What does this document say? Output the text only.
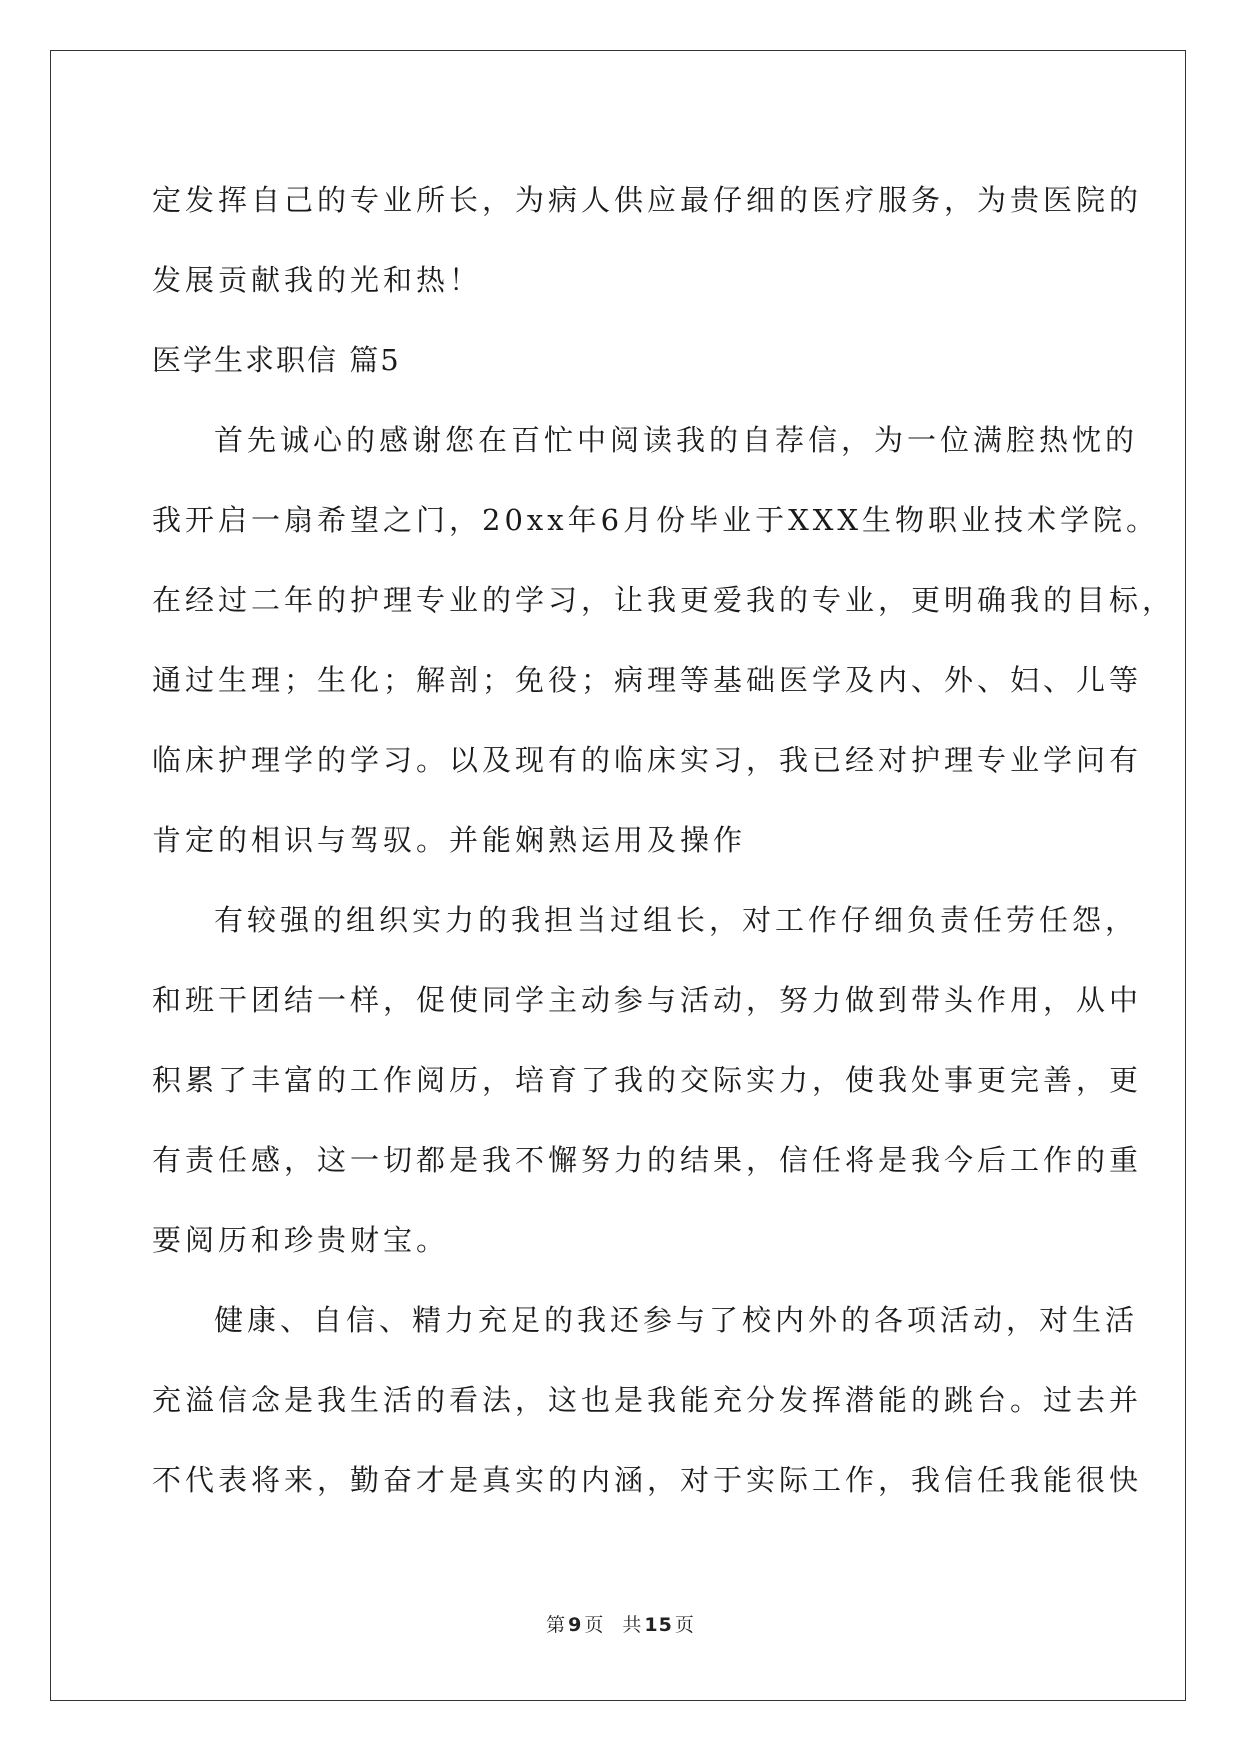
定发挥自己的专业所长，为病人供应最仔细的医疗服务，为贵医院的
发展贡献我的光和热！
医学生求职信 篇5
首先诚心的感谢您在百忙中阅读我的自荐信，为一位满腔热忱的
我开启一扇希望之门，20xx年6月份毕业于XXX生物职业技术学院。
在经过二年的护理专业的学习，让我更爱我的专业，更明确我的目标，
通过生理；生化；解剖；免役；病理等基础医学及内、外、妇、儿等
临床护理学的学习。以及现有的临床实习，我已经对护理专业学问有
肯定的相识与驾驭。并能娴熟运用及操作
有较强的组织实力的我担当过组长，对工作仔细负责任劳任怨，
和班干团结一样，促使同学主动参与活动，努力做到带头作用，从中
积累了丰富的工作阅历，培育了我的交际实力，使我处事更完善，更
有责任感，这一切都是我不懈努力的结果，信任将是我今后工作的重
要阅历和珍贵财宝。
健康、自信、精力充足的我还参与了校内外的各项活动，对生活
充溢信念是我生活的看法，这也是我能充分发挥潜能的跳台。过去并
不代表将来，勤奋才是真实的内涵，对于实际工作，我信任我能很快
第 9 页 共 15 页
